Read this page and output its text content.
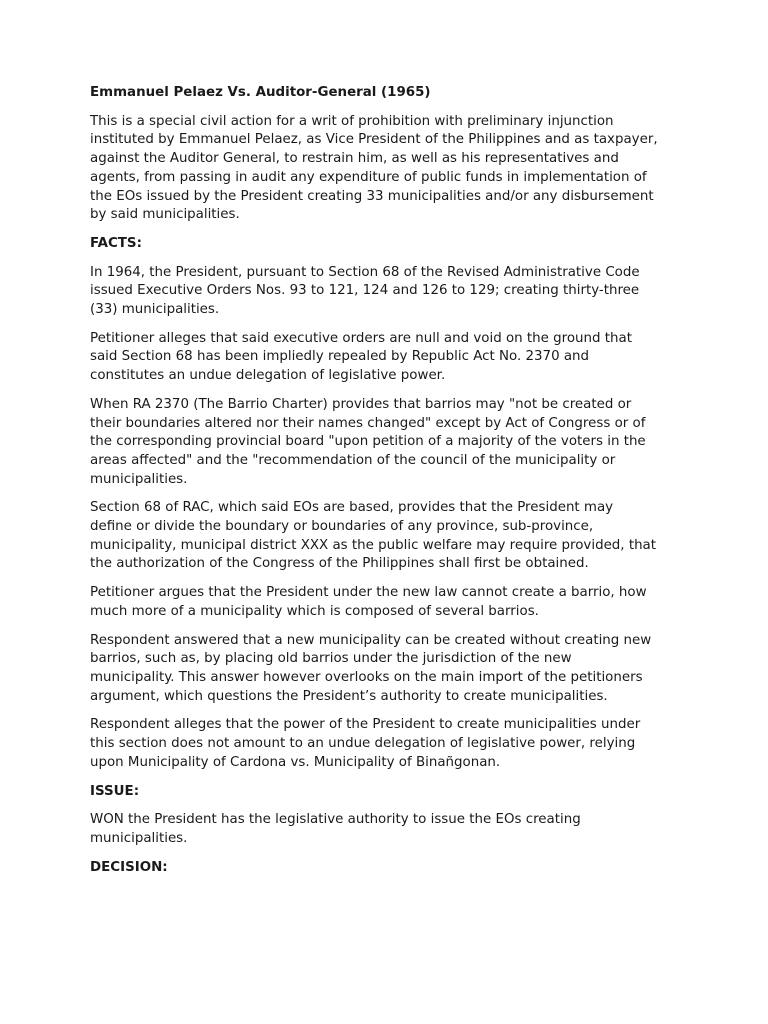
Emmanuel Pelaez Vs. Auditor-General (1965)

This is a special civil action for a writ of prohibition with preliminary injunction
instituted by Emmanuel Pelaez, as Vice President of the Philippines and as taxpayer,
against the Auditor General, to restrain him, as well as his representatives and
agents, from passing in audit any expenditure of public funds in implementation of
the EOs issued by the President creating 33 municipalities and/or any disbursement
by said municipalities.

FACTS:

In 1964, the President, pursuant to Section 68 of the Revised Administrative Code
issued Executive Orders Nos. 93 to 121, 124 and 126 to 129; creating thirty-three
(33) municipalities.

Petitioner alleges that said executive orders are null and void on the ground that
said Section 68 has been impliedly repealed by Republic Act No. 2370 and
constitutes an undue delegation of legislative power.

When RA 2370 (The Barrio Charter) provides that barrios may "not be created or
their boundaries altered nor their names changed" except by Act of Congress or of
the corresponding provincial board "upon petition of a majority of the voters in the
areas affected" and the "recommendation of the council of the municipality or
municipalities.

Section 68 of RAC, which said EOs are based, provides that the President may
define or divide the boundary or boundaries of any province, sub-province,
municipality, municipal district XXX as the public welfare may require provided, that
the authorization of the Congress of the Philippines shall first be obtained.

Petitioner argues that the President under the new law cannot create a barrio, how
much more of a municipality which is composed of several barrios.

Respondent answered that a new municipality can be created without creating new
barrios, such as, by placing old barrios under the jurisdiction of the new
municipality. This answer however overlooks on the main import of the petitioners
argument, which questions the President’s authority to create municipalities.

Respondent alleges that the power of the President to create municipalities under
this section does not amount to an undue delegation of legislative power, relying
upon Municipality of Cardona vs. Municipality of Binañgonan.

ISSUE:

WON the President has the legislative authority to issue the EOs creating
municipalities.

DECISION:
